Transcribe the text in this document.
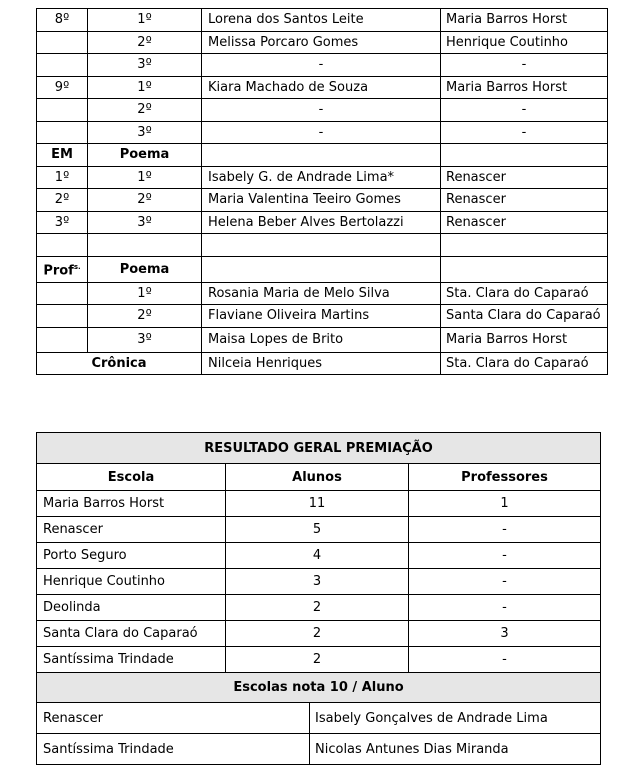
8º	1º	Lorena dos Santos Leite	Maria Barros Horst
	2º	Melissa Porcaro Gomes	Henrique Coutinho
	3º	-	-
9º	1º	Kiara Machado de Souza	Maria Barros Horst
	2º	-	-
	3º	-	-
EM	Poema		
1º	1º	Isabely G. de Andrade Lima*	Renascer
2º	2º	Maria Valentina Teeiro Gomes	Renascer
3º	3º	Helena Beber Alves Bertolazzi	Renascer

Prof$^{s.}$	Poema		
	1º	Rosania Maria de Melo Silva	Sta. Clara do Caparaó
	2º	Flaviane Oliveira Martins	Santa Clara do Caparaó
	3º	Maisa Lopes de Brito	Maria Barros Horst
Crônica		Nilceia Henriques	Sta. Clara do Caparaó
RESULTADO GERAL PREMIAÇÃO			
Escola	Alunos		Professores
Maria Barros Horst	11		1
Renascer	5		-
Porto Seguro	4		-
Henrique Coutinho	3		-
Deolinda	2		-
Santa Clara do Caparaó	2		3
Santíssima Trindade	2		-
Escolas nota 10 / Aluno			
Renascer		Isabely Gonçalves de Andrade Lima	
Santíssima Trindade		Nicolas Antunes Dias Miranda	
